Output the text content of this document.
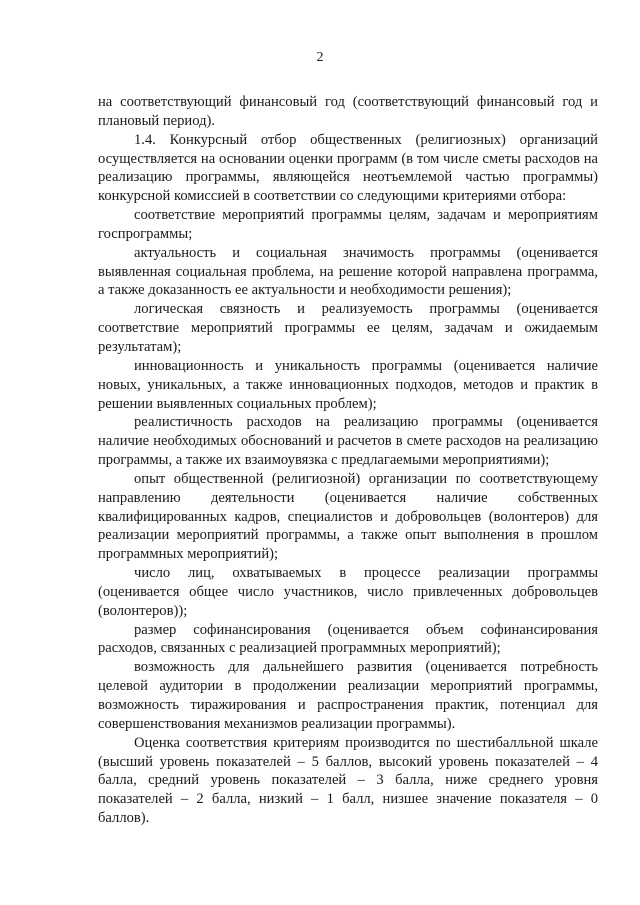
2

на соответствующий финансовый год (соответствующий финансовый год и плановый период).

1.4. Конкурсный отбор общественных (религиозных) организаций осуществляется на основании оценки программ (в том числе сметы расходов на реализацию программы, являющейся неотъемлемой частью программы) конкурсной комиссией в соответствии со следующими критериями отбора:

соответствие мероприятий программы целям, задачам и мероприятиям госпрограммы;

актуальность и социальная значимость программы (оценивается выявленная социальная проблема, на решение которой направлена программа, а также доказанность ее актуальности и необходимости решения);

логическая связность и реализуемость программы (оценивается соответствие мероприятий программы ее целям, задачам и ожидаемым результатам);

инновационность и уникальность программы (оценивается наличие новых, уникальных, а также инновационных подходов, методов и практик в решении выявленных социальных проблем);

реалистичность расходов на реализацию программы (оценивается наличие необходимых обоснований и расчетов в смете расходов на реализацию программы, а также их взаимоувязка с предлагаемыми мероприятиями);

опыт общественной (религиозной) организации по соответствующему направлению деятельности (оценивается наличие собственных квалифицированных кадров, специалистов и добровольцев (волонтеров) для реализации мероприятий программы, а также опыт выполнения в прошлом программных мероприятий);

число лиц, охватываемых в процессе реализации программы (оценивается общее число участников, число привлеченных добровольцев (волонтеров));

размер софинансирования (оценивается объем софинансирования расходов, связанных с реализацией программных мероприятий);

возможность для дальнейшего развития (оценивается потребность целевой аудитории в продолжении реализации мероприятий программы, возможность тиражирования и распространения практик, потенциал для совершенствования механизмов реализации программы).

Оценка соответствия критериям производится по шестибалльной шкале (высший уровень показателей – 5 баллов, высокий уровень показателей – 4 балла, средний уровень показателей – 3 балла, ниже среднего уровня показателей – 2 балла, низкий – 1 балл, низшее значение показателя – 0 баллов).
